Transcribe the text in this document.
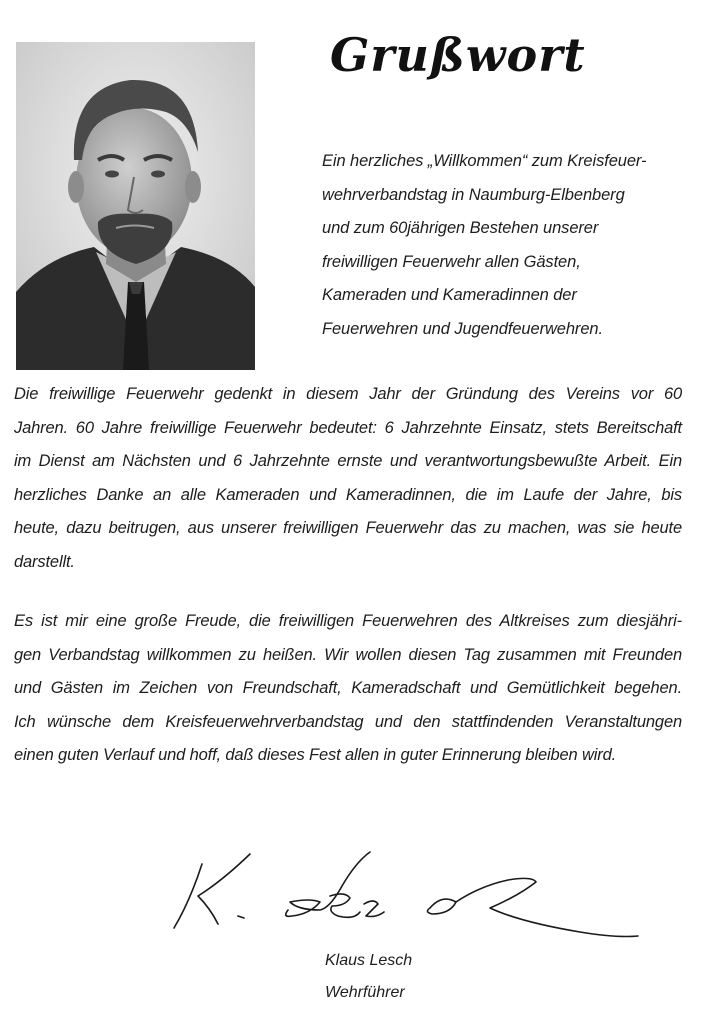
Grußwort
Ein herzliches „Willkommen“ zum Kreisfeuer-
wehrverbandstag in Naumburg-Elbenberg
und zum 60jährigen Bestehen unserer
freiwilligen Feuerwehr allen Gästen,
Kameraden und Kameradinnen der
Feuerwehren und Jugendfeuerwehren.
Die freiwillige Feuerwehr gedenkt in diesem Jahr der Gründung des Vereins vor 60
Jahren. 60 Jahre freiwillige Feuerwehr bedeutet: 6 Jahrzehnte Einsatz, stets Bereitschaft
im Dienst am Nächsten und 6 Jahrzehnte ernste und verantwortungsbewußte Arbeit. Ein
herzliches Danke an alle Kameraden und Kameradinnen, die im Laufe der Jahre, bis
heute, dazu beitrugen, aus unserer freiwilligen Feuerwehr das zu machen, was sie heute
darstellt.
Es ist mir eine große Freude, die freiwilligen Feuerwehren des Altkreises zum diesjähri-
gen Verbandstag willkommen zu heißen. Wir wollen diesen Tag zusammen mit Freunden
und Gästen im Zeichen von Freundschaft, Kameradschaft und Gemütlichkeit begehen.
Ich wünsche dem Kreisfeuerwehrverbandstag und den stattfindenden Veranstaltungen
einen guten Verlauf und hoff, daß dieses Fest allen in guter Erinnerung bleiben wird.
Klaus Lesch
Wehrführer
